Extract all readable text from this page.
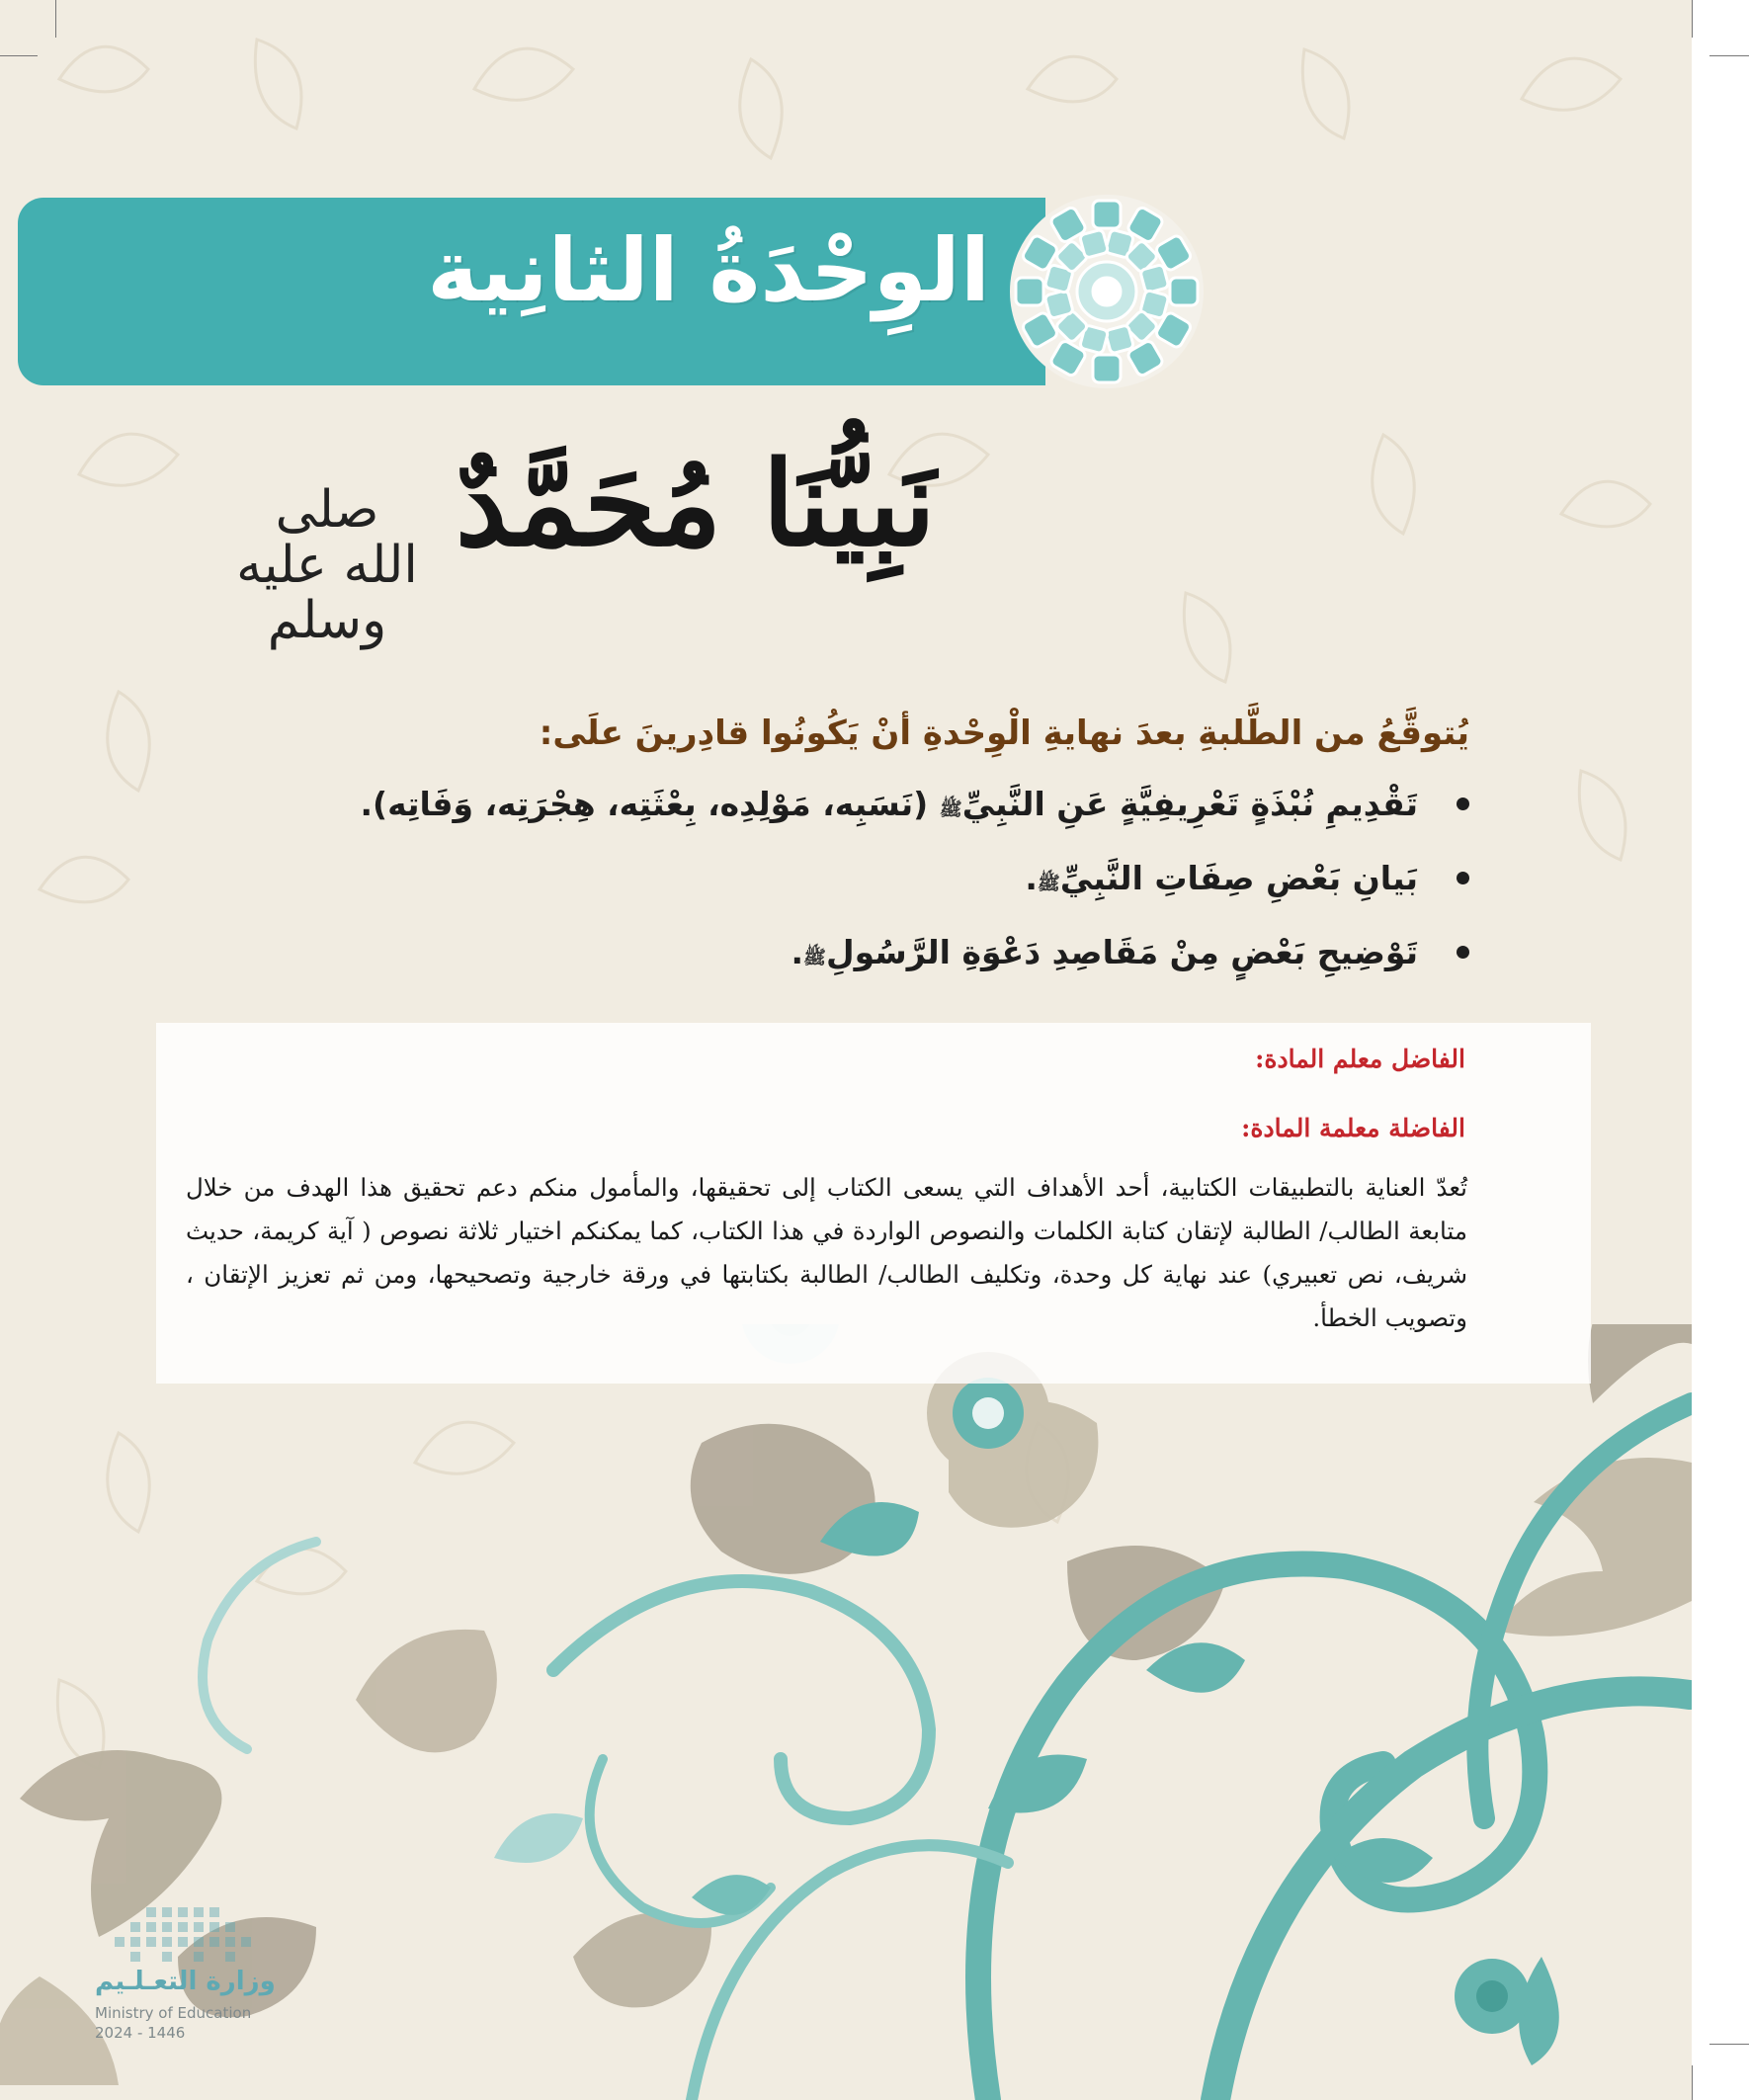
الوِحْدَةُ الثانِية
نَبِيُّنَا مُحَمَّدٌ
صلى الله عليه وسلم
يُتوقَّعُ من الطَّلبةِ بعدَ نهايةِ الْوِحْدةِ أنْ يَكُونُوا قادِرينَ علَى:
تَقْدِيمِ نُبْذَةٍ تَعْرِيفِيَّةٍ عَنِ النَّبِيِّﷺ (نَسَبِه، مَوْلِدِه، بِعْثَتِه، هِجْرَتِه، وَفَاتِه).
بَيانِ بَعْضِ صِفَاتِ النَّبِيِّﷺ.
تَوْضِيحِ بَعْضٍ مِنْ مَقَاصِدِ دَعْوَةِ الرَّسُولِﷺ.
الفاضل معلم المادة:
الفاضلة معلمة المادة:
تُعدّ العناية بالتطبيقات الكتابية، أحد الأهداف التي يسعى الكتاب إلى تحقيقها، والمأمول منكم دعم تحقيق هذا الهدف من خلال متابعة الطالب/ الطالبة لإتقان كتابة الكلمات والنصوص الواردة في هذا الكتاب، كما يمكنكم اختيار ثلاثة نصوص ( آية كريمة، حديث شريف، نص تعبيري) عند نهاية كل وحدة، وتكليف الطالب/ الطالبة بكتابتها في ورقة خارجية وتصحيحها، ومن ثم تعزيز الإتقان ، وتصويب الخطأ.
وزارة التعـلـيم
Ministry of Education
2024 - 1446
